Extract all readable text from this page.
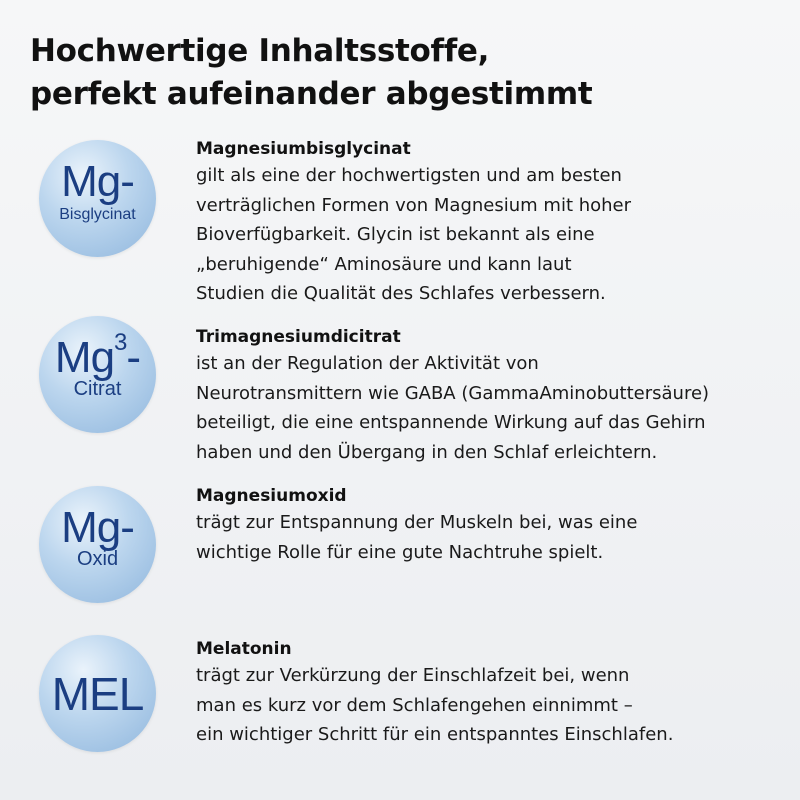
Hochwertige Inhaltsstoffe,
perfekt aufeinander abgestimmt
Mg-
Bisglycinat
Magnesiumbisglycinat
gilt als eine der hochwertigsten und am besten
verträglichen Formen von Magnesium mit hoher
Bioverfügbarkeit. Glycin ist bekannt als eine
„beruhigende“ Aminosäure und kann laut
Studien die Qualität des Schlafes verbessern.
Mg$^3$-
Citrat
Trimagnesiumdicitrat
ist an der Regulation der Aktivität von
Neurotransmittern wie GABA (GammaAminobuttersäure)
beteiligt, die eine entspannende Wirkung auf das Gehirn
haben und den Übergang in den Schlaf erleichtern.
Mg-
Oxid
Magnesiumoxid
trägt zur Entspannung der Muskeln bei, was eine
wichtige Rolle für eine gute Nachtruhe spielt.
MEL
Melatonin
trägt zur Verkürzung der Einschlafzeit bei, wenn
man es kurz vor dem Schlafengehen einnimmt –
ein wichtiger Schritt für ein entspanntes Einschlafen.
